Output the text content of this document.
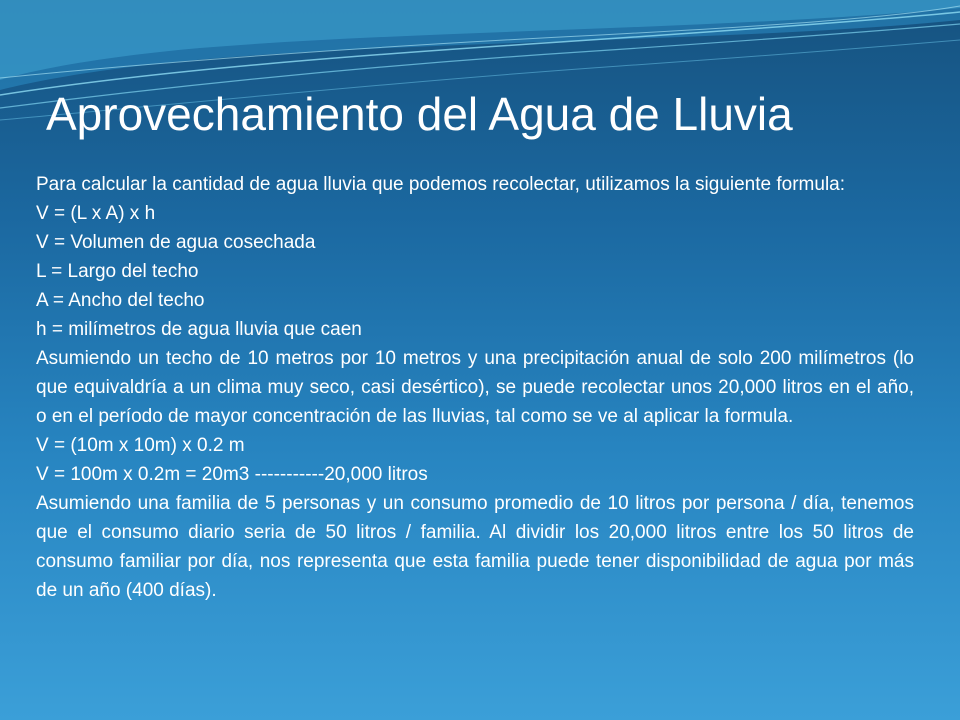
Aprovechamiento del Agua de Lluvia
Para calcular la cantidad de agua lluvia que podemos recolectar, utilizamos la siguiente formula:
V = (L x A) x h
V = Volumen de agua cosechada
L = Largo del techo
A = Ancho del techo
h = milímetros de agua lluvia que caen
Asumiendo un techo de 10 metros por 10 metros y una precipitación anual de solo 200 milímetros (lo que equivaldría a un clima muy seco, casi desértico), se puede recolectar unos 20,000 litros en el año, o en el período de mayor concentración de las lluvias, tal como se ve al aplicar la formula.
V = (10m x 10m) x 0.2 m
V = 100m x 0.2m = 20m3 -----------20,000 litros
Asumiendo una familia de 5 personas y un consumo promedio de 10 litros por persona / día, tenemos que el consumo diario seria de 50 litros / familia. Al dividir los 20,000 litros entre los 50 litros de consumo familiar por día, nos representa que esta familia puede tener disponibilidad de agua por más de un año (400 días).
